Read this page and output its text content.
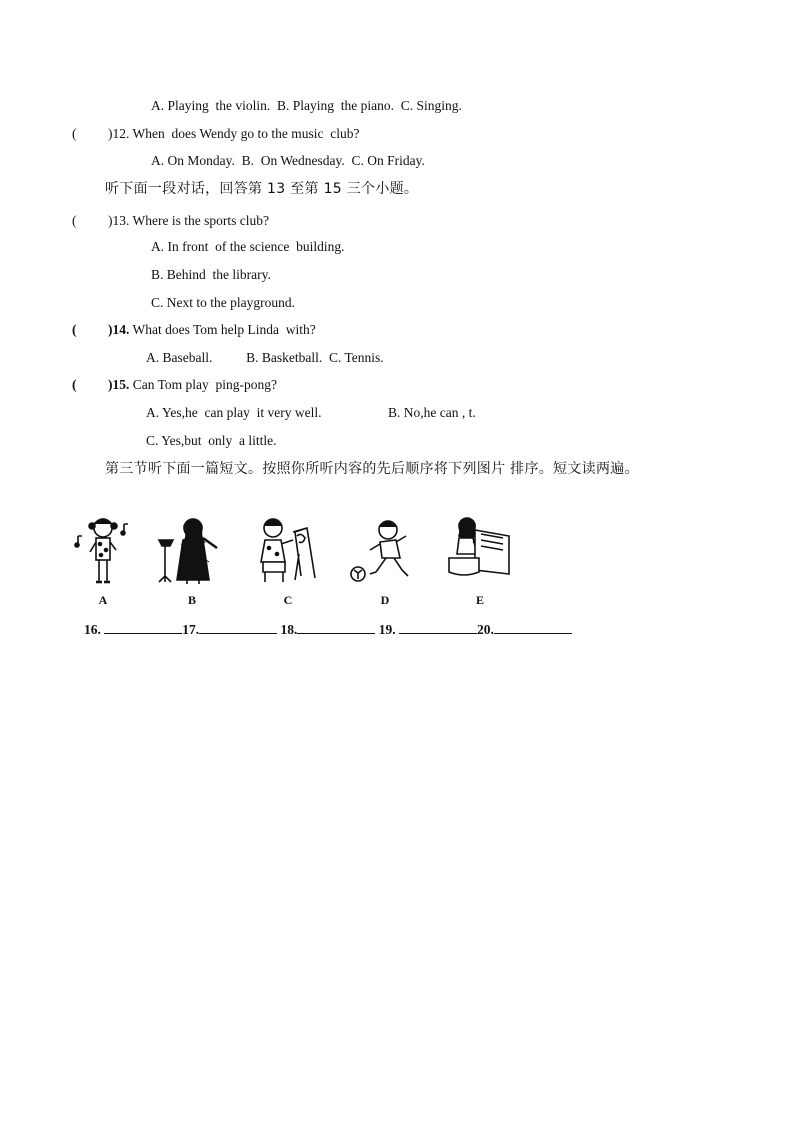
A. Playing  the violin.  B. Playing  the piano.  C. Singing.
( )12. When  does Wendy go to the music  club?
A. On Monday.  B.  On Wednesday.  C. On Friday.
听下面一段对话，回答第 13 至第 15 三个小题。
( )13. Where is the sports club?
A. In front  of the science  building.
B. Behind  the library.
C. Next to the playground.
( )14. What does Tom help Linda  with?
A. Baseball.          B. Basketball.  C. Tennis.
( )15. Can Tom play  ping-pong?
A. Yes,he  can play  it very well.	B. No,he can , t.
C. Yes,but  only  a little.
第三节听下面一篇短文。按照你所听内容的先后顺序将下列图片 排序。短文读两遍。
A	B	C	D	E
16.	17.	18.	19.	20.
